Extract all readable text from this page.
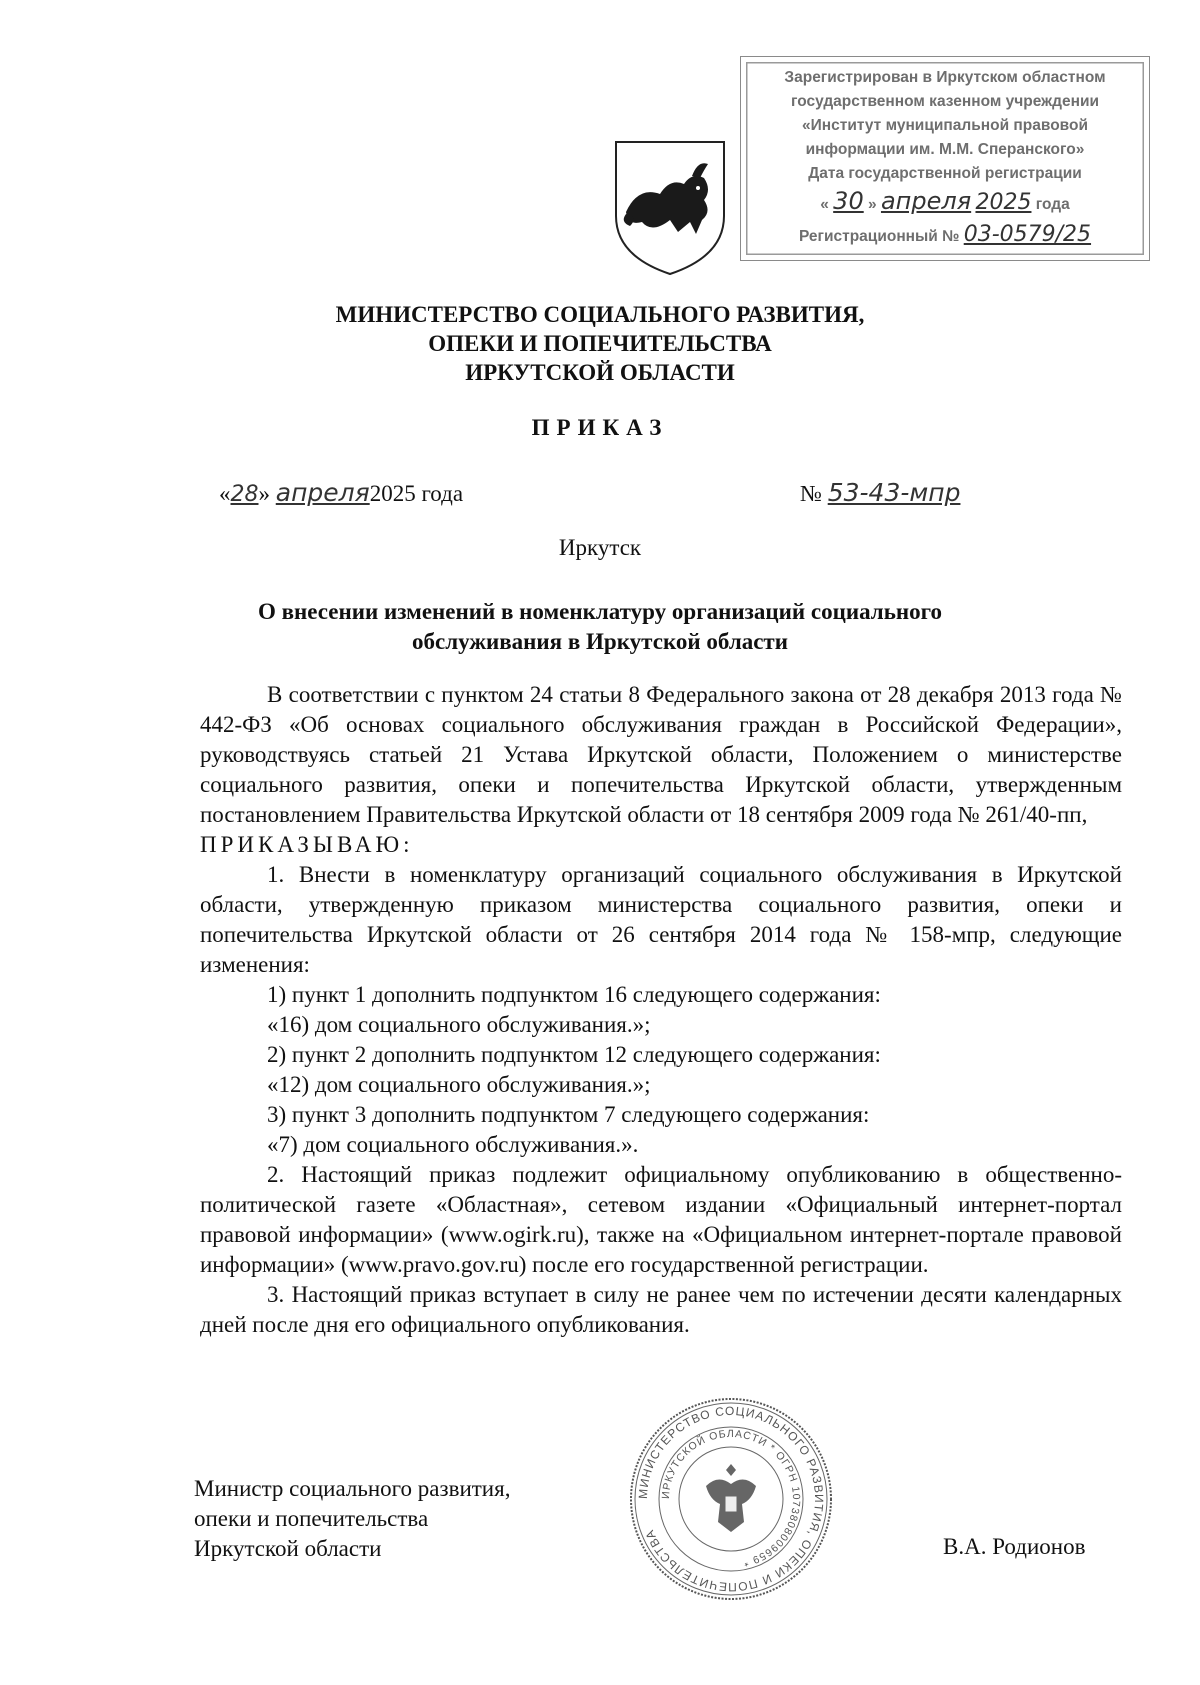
Зарегистрирован в Иркутском областном
государственном казенном учреждении
«Институт муниципальной правовой
информации им. М.М. Сперанского»
Дата государственной регистрации
« 30 » апреля 2025 года
Регистрационный № 03-0579/25
МИНИСТЕРСТВО СОЦИАЛЬНОГО РАЗВИТИЯ,
ОПЕКИ И ПОПЕЧИТЕЛЬСТВА
ИРКУТСКОЙ ОБЛАСТИ
ПРИКАЗ
«28» апреля2025 года	№ 53-43-мпр
Иркутск
О внесении изменений в номенклатуру организаций социального
обслуживания в Иркутской области

В соответствии с пунктом 24 статьи 8 Федерального закона от 28 декабря 2013 года № 442-ФЗ «Об основах социального обслуживания граждан в Российской Федерации», руководствуясь статьей 21 Устава Иркутской области, Положением о министерстве социального развития, опеки и попечительства Иркутской области, утвержденным постановлением Правительства Иркутской области от 18 сентября 2009 года № 261/40-пп,

ПРИКАЗЫВАЮ:

1. Внести в номенклатуру организаций социального обслуживания в Иркутской области, утвержденную приказом министерства социального развития, опеки и попечительства Иркутской области от 26 сентября 2014 года № 158-мпр, следующие изменения:

1) пункт 1 дополнить подпунктом 16 следующего содержания:

«16) дом социального обслуживания.»;

2) пункт 2 дополнить подпунктом 12 следующего содержания:

«12) дом социального обслуживания.»;

3) пункт 3 дополнить подпунктом 7 следующего содержания:

«7) дом социального обслуживания.».

2. Настоящий приказ подлежит официальному опубликованию в общественно-политической газете «Областная», сетевом издании «Официальный интернет-портал правовой информации» (www.ogirk.ru), также на «Официальном интернет-портале правовой информации» (www.pravo.gov.ru) после его государственной регистрации.

3. Настоящий приказ вступает в силу не ранее чем по истечении десяти календарных дней после дня его официального опубликования.

Министр социального развития,
опеки и попечительства
Иркутской области	В.А. Родионов
МИНИСТЕРСТВО СОЦИАЛЬНОГО РАЗВИТИЯ, ОПЕКИ И ПОПЕЧИТЕЛЬСТВА
ИРКУТСКОЙ ОБЛАСТИ * ОГРН 1073808009659 *
